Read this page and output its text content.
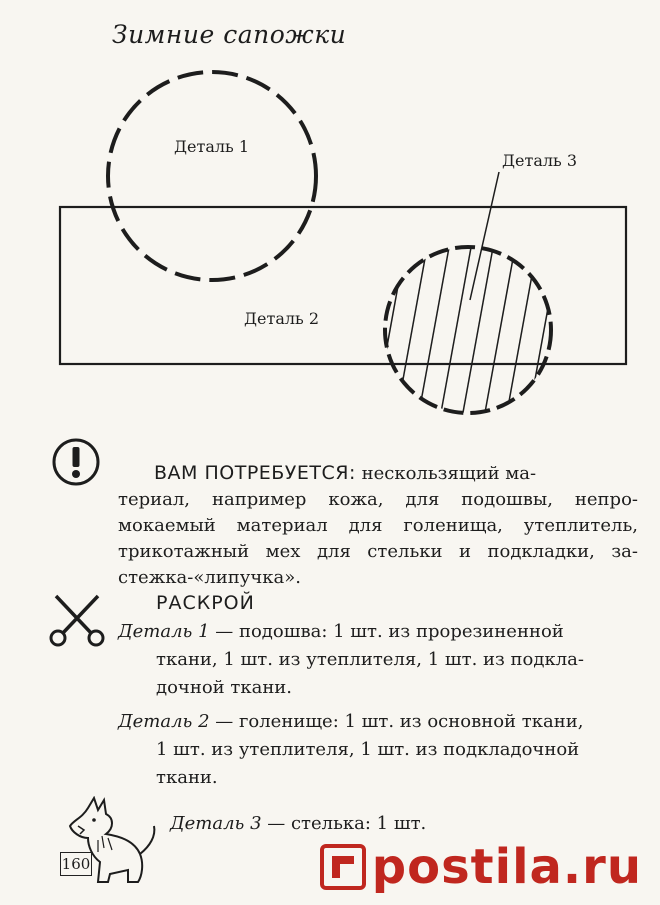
Зимние сапожки
Деталь 1
Деталь 2
Деталь 3
ВАМ ПОТРЕБУЕТСЯ: нескользящий ма-
териал, например кожа, для подошвы, непро-мокаемый материал для голенища, утеплитель, трикотажный мех для стельки и подкладки, за-стежка-«липучка».
РАСКРОЙ
Деталь 1 — подошва: 1 шт. из прорезиненной
ткани, 1 шт. из утеплителя, 1 шт. из подкла-дочной ткани.
Деталь 2 — голенище: 1 шт. из основной ткани,
1 шт. из утеплителя, 1 шт. из подкладочной ткани.
Деталь 3 — стелька: 1 шт.
160	postila.ru
